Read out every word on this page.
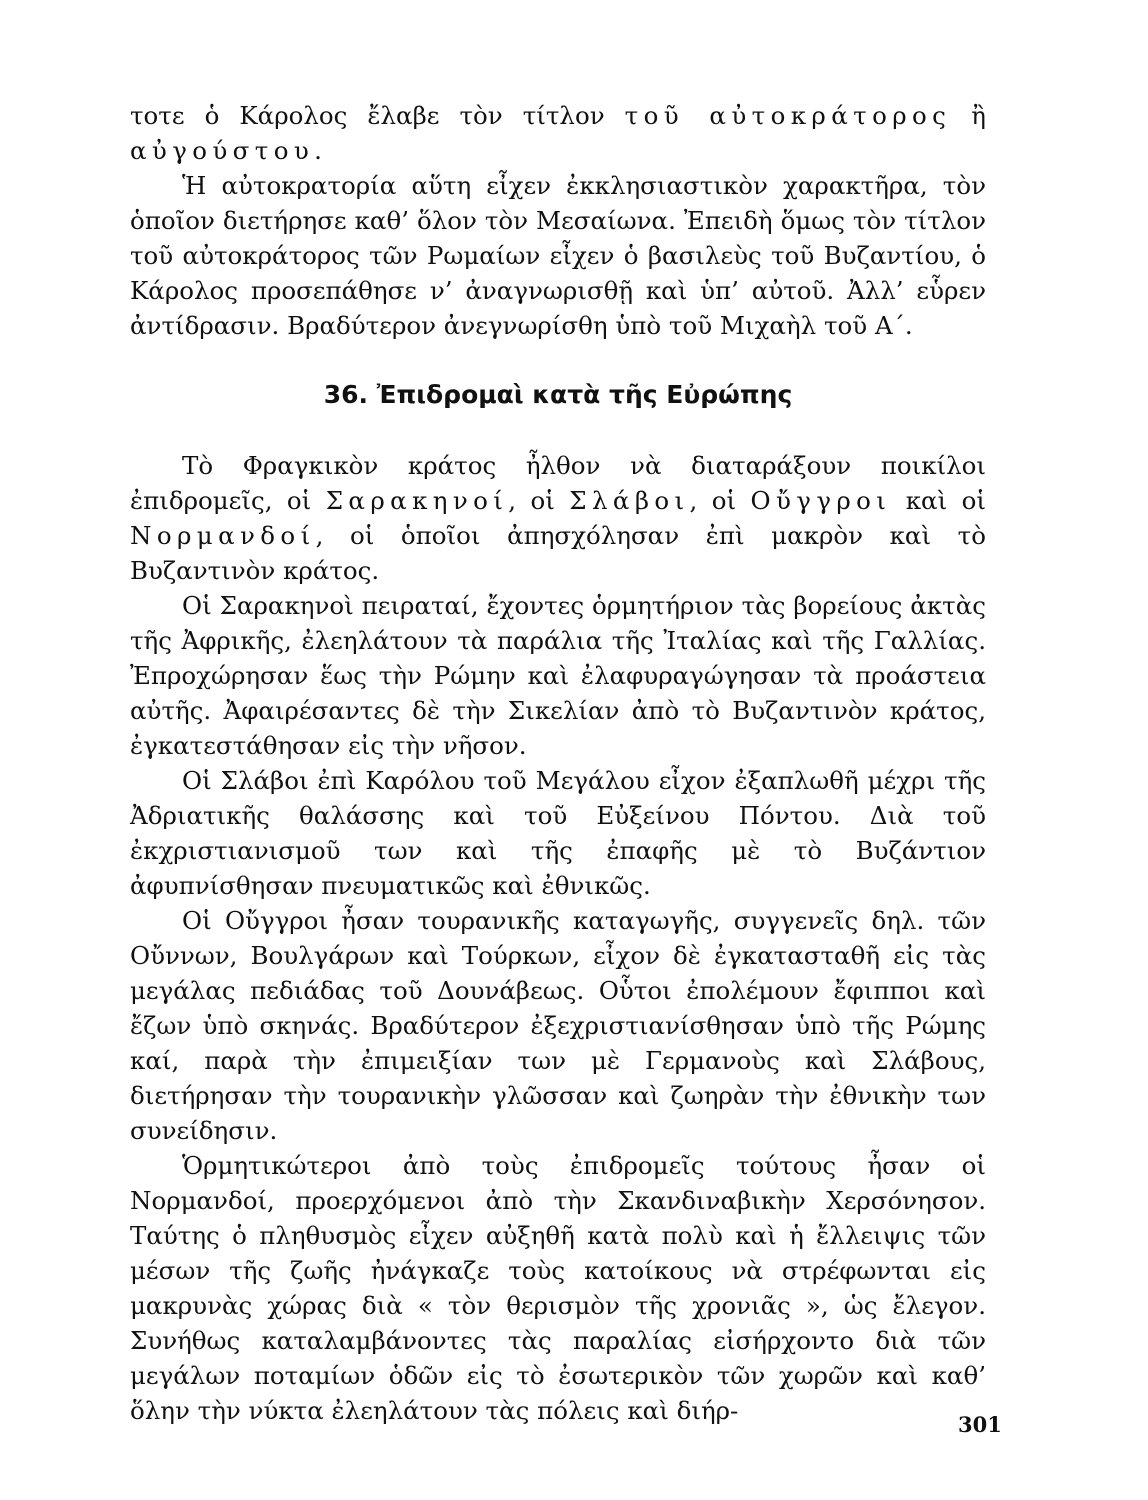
τοτε ὁ Κάρολος ἔλαβε τὸν τίτλον τοῦ αὐτοκράτορος ἢ αὐγούστου.

Ἡ αὐτοκρατορία αὕτη εἶχεν ἐκκλησιαστικὸν χαρακτῆρα, τὸν ὁποῖον διετήρησε καθ’ ὅλον τὸν Μεσαίωνα. Ἐπειδὴ ὅμως τὸν τίτλον τοῦ αὐτοκράτορος τῶν Ρωμαίων εἶχεν ὁ βασιλεὺς τοῦ Βυζαντίου, ὁ Κάρολος προσεπάθησε ν’ ἀναγνωρισθῇ καὶ ὑπ’ αὐτοῦ. Ἀλλ’ εὗρεν ἀντίδρασιν. Βραδύτερον ἀνεγνωρίσθη ὑπὸ τοῦ Μιχαὴλ τοῦ Α΄.

36. Ἐπιδρομαὶ κατὰ τῆς Εὐρώπης

Τὸ Φραγκικὸν κράτος ἦλθον νὰ διαταράξουν ποικίλοι ἐπιδρομεῖς, οἱ Σαρακηνοί, οἱ Σλάβοι, οἱ Οὔγγροι καὶ οἱ Νορμανδοί, οἱ ὁποῖοι ἀπησχόλησαν ἐπὶ μακρὸν καὶ τὸ Βυζαντινὸν κράτος.

Οἱ Σαρακηνοὶ πειραταί, ἔχοντες ὁρμητήριον τὰς βορείους ἀκτὰς τῆς Ἀφρικῆς, ἐλεηλάτουν τὰ παράλια τῆς Ἰταλίας καὶ τῆς Γαλλίας. Ἐπροχώρησαν ἕως τὴν Ρώμην καὶ ἐλαφυραγώγησαν τὰ προάστεια αὐτῆς. Ἀφαιρέσαντες δὲ τὴν Σικελίαν ἀπὸ τὸ Βυζαντινὸν κράτος, ἐγκατεστάθησαν εἰς τὴν νῆσον.

Οἱ Σλάβοι ἐπὶ Καρόλου τοῦ Μεγάλου εἶχον ἐξαπλωθῆ μέχρι τῆς Ἀδριατικῆς θαλάσσης καὶ τοῦ Εὐξείνου Πόντου. Διὰ τοῦ ἐκχριστιανισμοῦ των καὶ τῆς ἐπαφῆς μὲ τὸ Βυζάντιον ἀφυπνίσθησαν πνευματικῶς καὶ ἐθνικῶς.

Οἱ Οὔγγροι ἦσαν τουρανικῆς καταγωγῆς, συγγενεῖς δηλ. τῶν Οὔννων, Βουλγάρων καὶ Τούρκων, εἶχον δὲ ἐγκατασταθῆ εἰς τὰς μεγάλας πεδιάδας τοῦ Δουνάβεως. Οὗτοι ἐπολέμουν ἔφιπποι καὶ ἔζων ὑπὸ σκηνάς. Βραδύτερον ἐξεχριστιανίσθησαν ὑπὸ τῆς Ρώμης καί, παρὰ τὴν ἐπιμειξίαν των μὲ Γερμανοὺς καὶ Σλάβους, διετήρησαν τὴν τουρανικὴν γλῶσσαν καὶ ζωηρὰν τὴν ἐθνικὴν των συνείδησιν.

Ὁρμητικώτεροι ἀπὸ τοὺς ἐπιδρομεῖς τούτους ἦσαν οἱ Νορμανδοί, προερχόμενοι ἀπὸ τὴν Σκανδιναβικὴν Χερσόνησον. Ταύτης ὁ πληθυσμὸς εἶχεν αὐξηθῆ κατὰ πολὺ καὶ ἡ ἔλλειψις τῶν μέσων τῆς ζωῆς ἠνάγκαζε τοὺς κατοίκους νὰ στρέφωνται εἰς μακρυνὰς χώρας διὰ « τὸν θερισμὸν τῆς χρονιᾶς », ὡς ἔλεγον. Συνήθως καταλαμβάνοντες τὰς παραλίας εἰσήρχοντο διὰ τῶν μεγάλων ποταμίων ὁδῶν εἰς τὸ ἐσωτερικὸν τῶν χωρῶν καὶ καθ’ ὅλην τὴν νύκτα ἐλεηλάτουν τὰς πόλεις καὶ διήρ-	301
